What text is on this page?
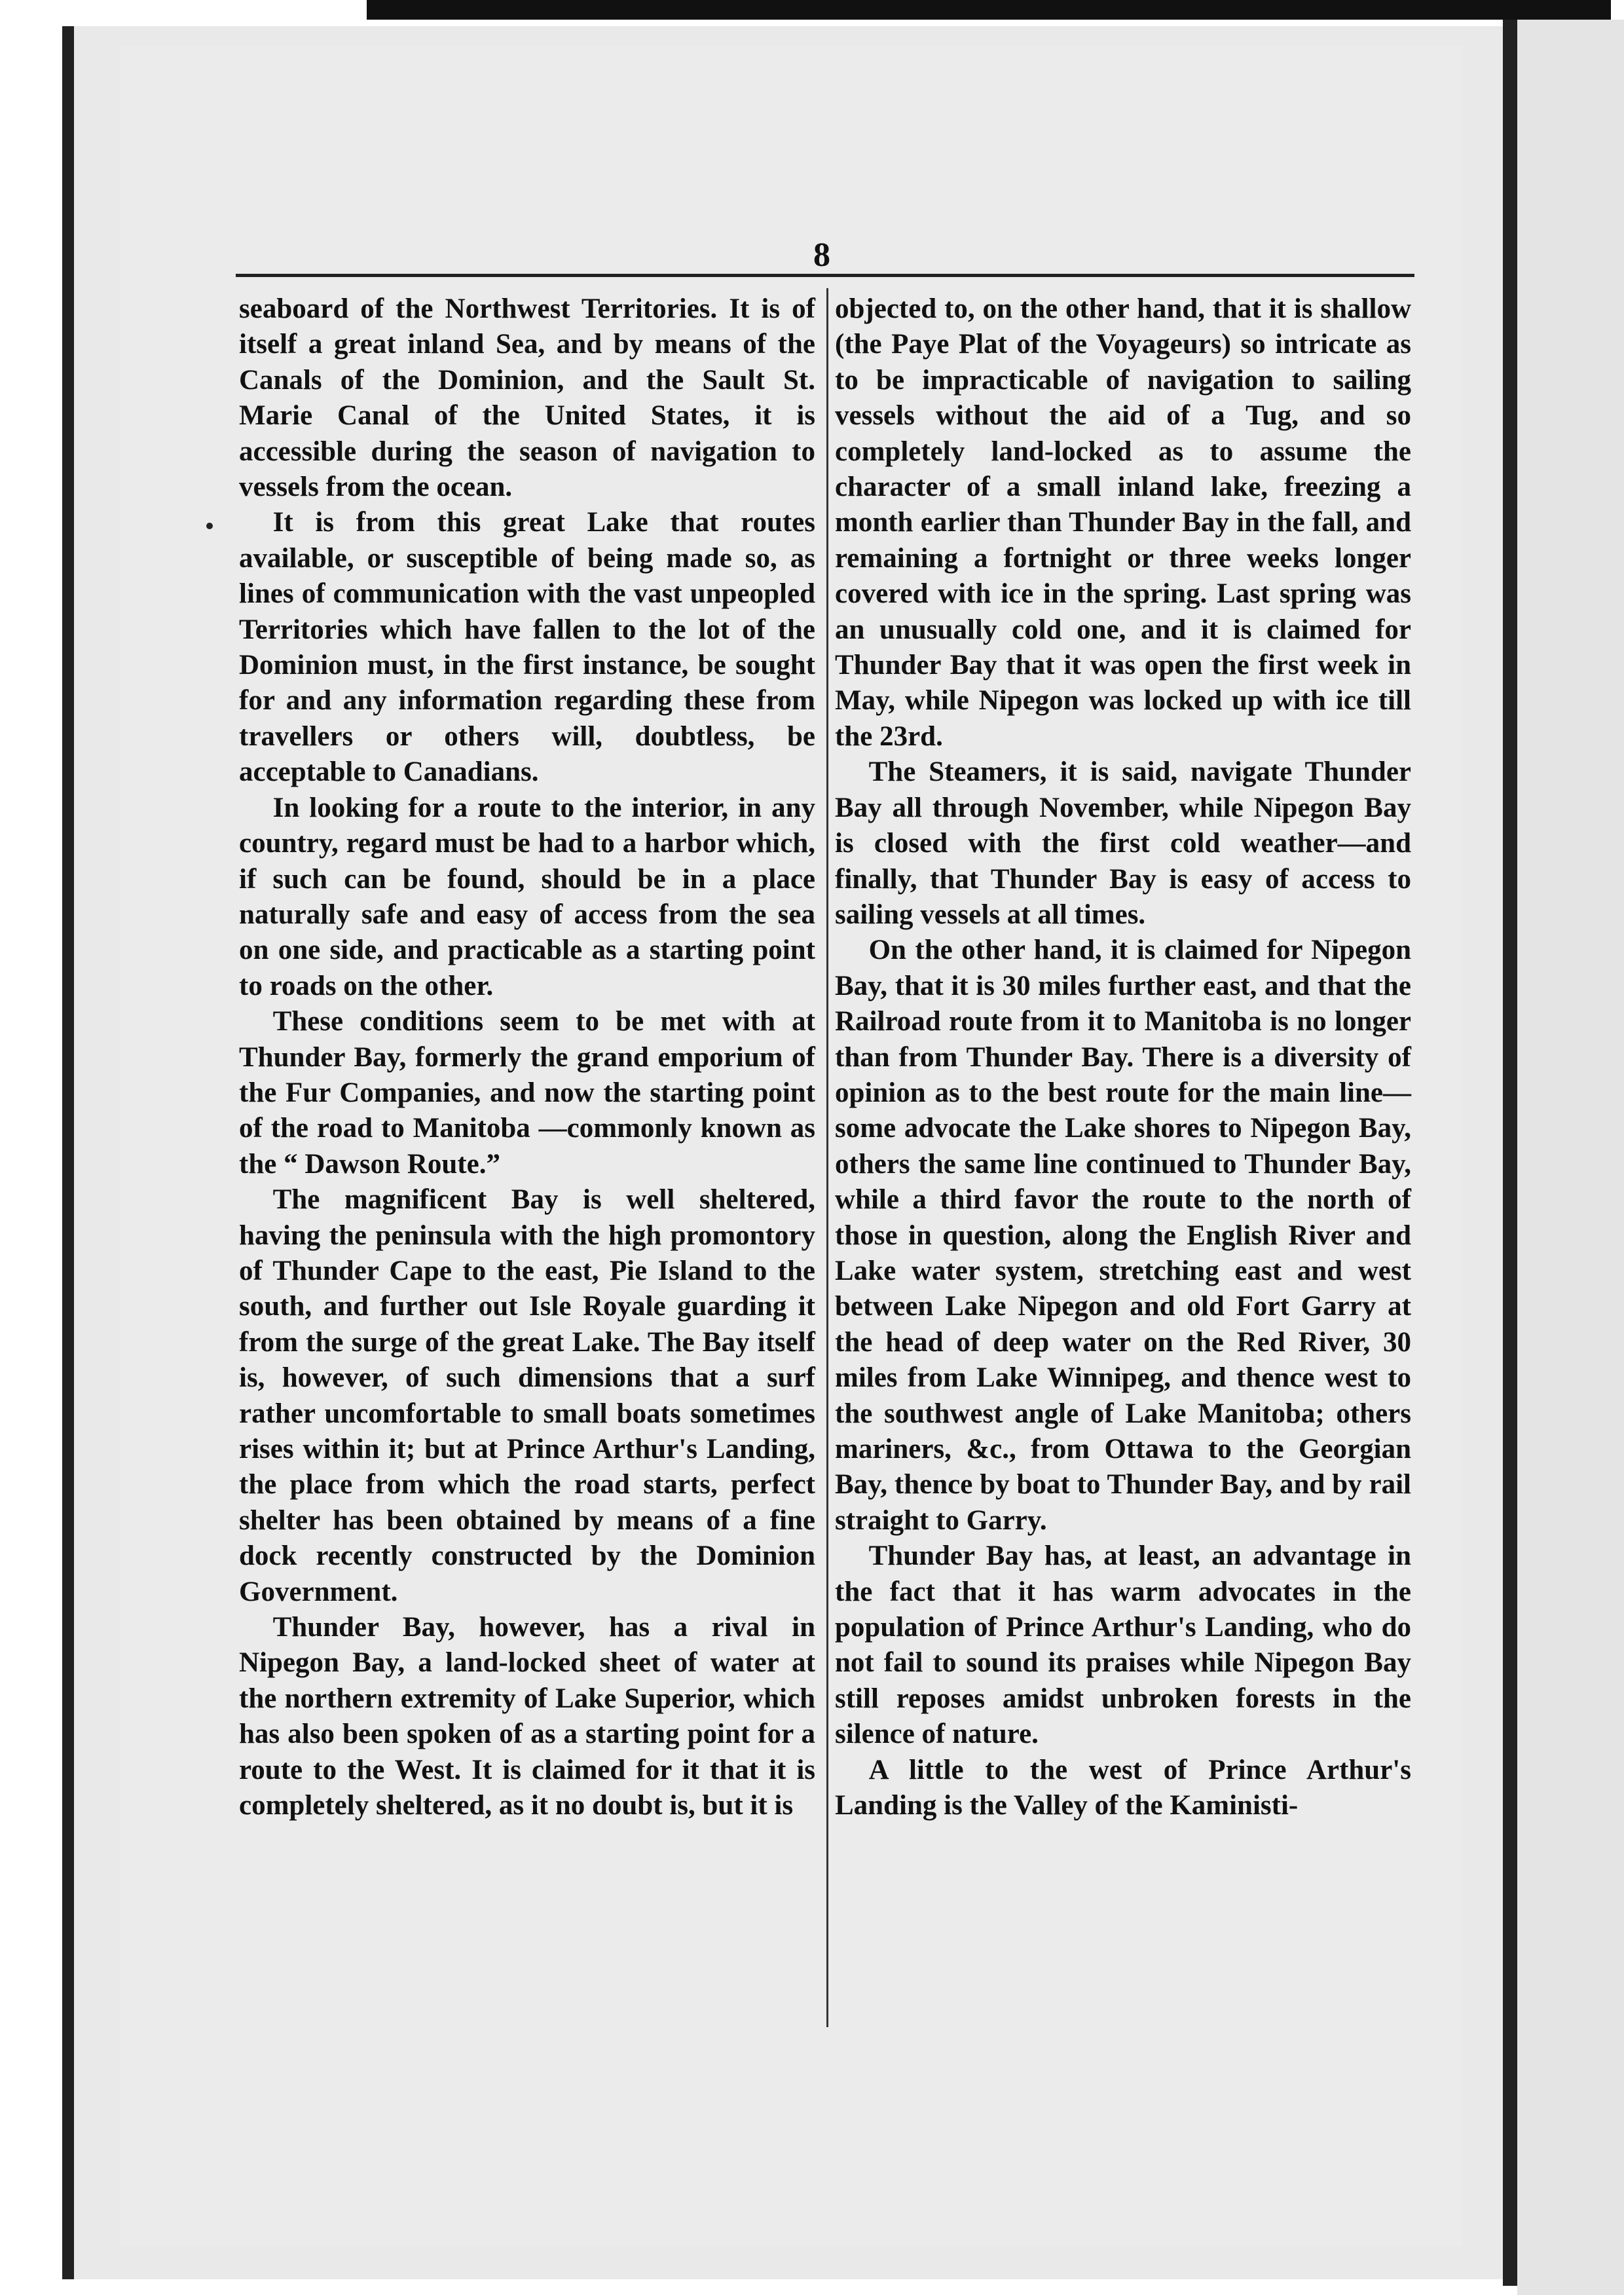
8

seaboard of the Northwest Territories. It is of itself a great inland Sea, and by means of the Canals of the Dominion, and the Sault St. Marie Canal of the United States, it is accessible during the season of navigation to vessels from the ocean.

It is from this great Lake that routes available, or susceptible of being made so, as lines of communication with the vast unpeopled Territories which have fallen to the lot of the Dominion must, in the first instance, be sought for and any information regarding these from travellers or others will, doubtless, be acceptable to Canadians.

In looking for a route to the interior, in any country, regard must be had to a harbor which, if such can be found, should be in a place naturally safe and easy of access from the sea on one side, and practicable as a starting point to roads on the other.

These conditions seem to be met with at Thunder Bay, formerly the grand emporium of the Fur Companies, and now the starting point of the road to Manitoba —commonly known as the “ Dawson Route.”

The magnificent Bay is well sheltered, having the peninsula with the high promontory of Thunder Cape to the east, Pie Island to the south, and further out Isle Royale guarding it from the surge of the great Lake. The Bay itself is, however, of such dimensions that a surf rather uncomfortable to small boats sometimes rises within it; but at Prince Arthur's Landing, the place from which the road starts, perfect shelter has been obtained by means of a fine dock recently constructed by the Dominion Government.

Thunder Bay, however, has a rival in Nipegon Bay, a land-locked sheet of water at the northern extremity of Lake Superior, which has also been spoken of as a starting point for a route to the West. It is claimed for it that it is completely sheltered, as it no doubt is, but it is

objected to, on the other hand, that it is shallow (the Paye Plat of the Voyageurs) so intricate as to be impracticable of navigation to sailing vessels without the aid of a Tug, and so completely land-locked as to assume the character of a small inland lake, freezing a month earlier than Thunder Bay in the fall, and remaining a fortnight or three weeks longer covered with ice in the spring. Last spring was an unusually cold one, and it is claimed for Thunder Bay that it was open the first week in May, while Nipegon was locked up with ice till the 23rd.

The Steamers, it is said, navigate Thunder Bay all through November, while Nipegon Bay is closed with the first cold weather—and finally, that Thunder Bay is easy of access to sailing vessels at all times.

On the other hand, it is claimed for Nipegon Bay, that it is 30 miles further east, and that the Railroad route from it to Manitoba is no longer than from Thunder Bay. There is a diversity of opinion as to the best route for the main line—some advocate the Lake shores to Nipegon Bay, others the same line continued to Thunder Bay, while a third favor the route to the north of those in question, along the English River and Lake water system, stretching east and west between Lake Nipegon and old Fort Garry at the head of deep water on the Red River, 30 miles from Lake Winnipeg, and thence west to the southwest angle of Lake Manitoba; others mariners, &c., from Ottawa to the Georgian Bay, thence by boat to Thunder Bay, and by rail straight to Garry.

Thunder Bay has, at least, an advantage in the fact that it has warm advocates in the population of Prince Arthur's Landing, who do not fail to sound its praises while Nipegon Bay still reposes amidst unbroken forests in the silence of nature.

A little to the west of Prince Arthur's Landing is the Valley of the Kaministi-
